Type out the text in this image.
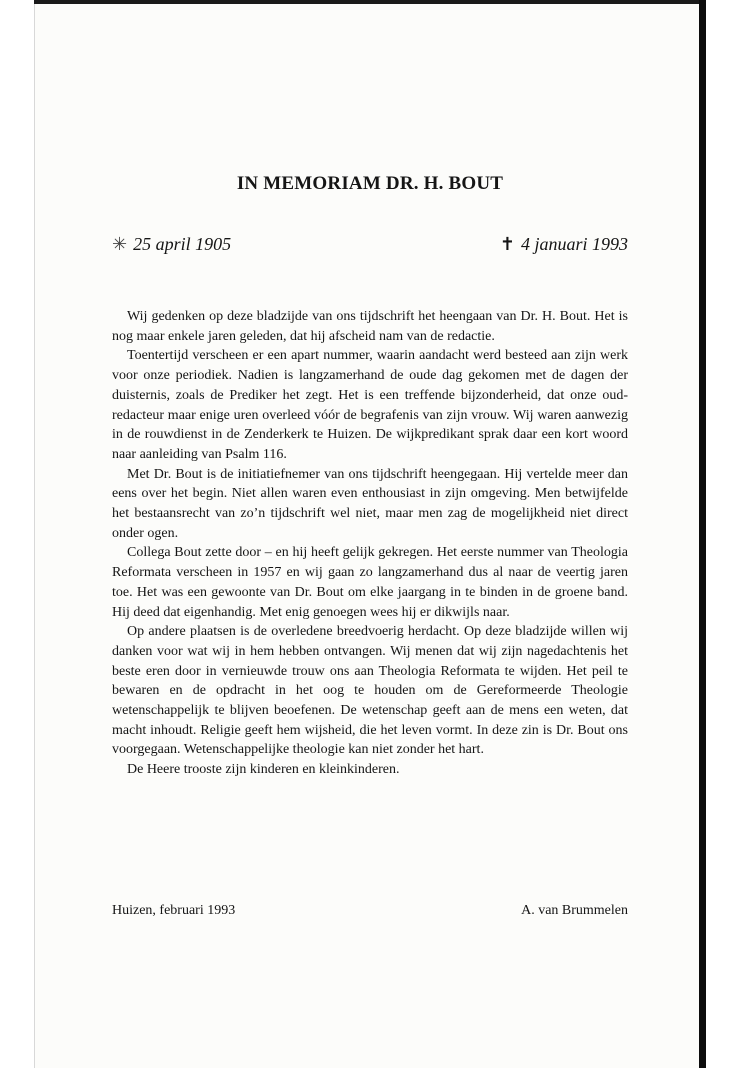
IN MEMORIAM DR. H. BOUT
✳ 25 april 1905	✝ 4 januari 1993

Wij gedenken op deze bladzijde van ons tijdschrift het heengaan van Dr. H. Bout. Het is nog maar enkele jaren geleden, dat hij afscheid nam van de redactie.

Toentertijd verscheen er een apart nummer, waarin aandacht werd besteed aan zijn werk voor onze periodiek. Nadien is langzamerhand de oude dag gekomen met de dagen der duisternis, zoals de Prediker het zegt. Het is een treffende bijzonderheid, dat onze oud-redacteur maar enige uren overleed vóór de begrafenis van zijn vrouw. Wij waren aanwezig in de rouwdienst in de Zenderkerk te Huizen. De wijkpredikant sprak daar een kort woord naar aanleiding van Psalm 116.

Met Dr. Bout is de initiatiefnemer van ons tijdschrift heengegaan. Hij vertelde meer dan eens over het begin. Niet allen waren even enthousiast in zijn omgeving. Men betwijfelde het bestaansrecht van zo’n tijdschrift wel niet, maar men zag de mogelijkheid niet direct onder ogen.

Collega Bout zette door – en hij heeft gelijk gekregen. Het eerste nummer van Theologia Reformata verscheen in 1957 en wij gaan zo langzamerhand dus al naar de veertig jaren toe. Het was een gewoonte van Dr. Bout om elke jaargang in te binden in de groene band. Hij deed dat eigenhandig. Met enig genoegen wees hij er dikwijls naar.

Op andere plaatsen is de overledene breedvoerig herdacht. Op deze bladzijde willen wij danken voor wat wij in hem hebben ontvangen. Wij menen dat wij zijn nagedachtenis het beste eren door in vernieuwde trouw ons aan Theologia Reformata te wijden. Het peil te bewaren en de opdracht in het oog te houden om de Gereformeerde Theologie wetenschappelijk te blijven beoefenen. De wetenschap geeft aan de mens een weten, dat macht inhoudt. Religie geeft hem wijsheid, die het leven vormt. In deze zin is Dr. Bout ons voorgegaan. Wetenschappelijke theologie kan niet zonder het hart.

De Heere trooste zijn kinderen en kleinkinderen.

Huizen, februari 1993	A. van Brummelen
